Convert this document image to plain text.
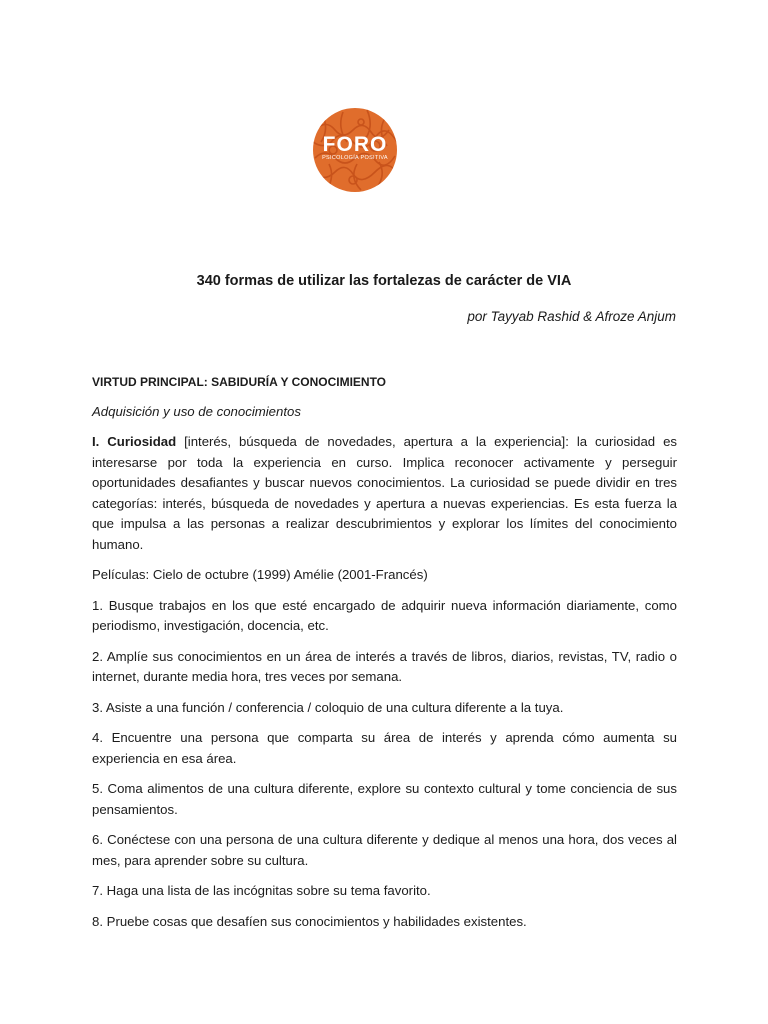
FORO
PSICOLOGÍA POSITIVA
340 formas de utilizar las fortalezas de carácter de VIA
por Tayyab Rashid & Afroze Anjum
VIRTUD PRINCIPAL: SABIDURÍA Y CONOCIMIENTO
Adquisición y uso de conocimientos

I. Curiosidad [interés, búsqueda de novedades, apertura a la experiencia]: la curiosidad es interesarse por toda la experiencia en curso. Implica reconocer activamente y perseguir oportunidades desafiantes y buscar nuevos conocimientos. La curiosidad se puede dividir en tres categorías: interés, búsqueda de novedades y apertura a nuevas experiencias. Es esta fuerza la que impulsa a las personas a realizar descubrimientos y explorar los límites del conocimiento humano.

Películas: Cielo de octubre (1999) Amélie (2001-Francés)

1. Busque trabajos en los que esté encargado de adquirir nueva información diariamente, como periodismo, investigación, docencia, etc.
2. Amplíe sus conocimientos en un área de interés a través de libros, diarios, revistas, TV, radio o internet, durante media hora, tres veces por semana.
3. Asiste a una función / conferencia / coloquio de una cultura diferente a la tuya.
4. Encuentre una persona que comparta su área de interés y aprenda cómo aumenta su experiencia en esa área.
5. Coma alimentos de una cultura diferente, explore su contexto cultural y tome conciencia de sus pensamientos.
6. Conéctese con una persona de una cultura diferente y dedique al menos una hora, dos veces al mes, para aprender sobre su cultura.
7. Haga una lista de las incógnitas sobre su tema favorito.
8. Pruebe cosas que desafíen sus conocimientos y habilidades existentes.
